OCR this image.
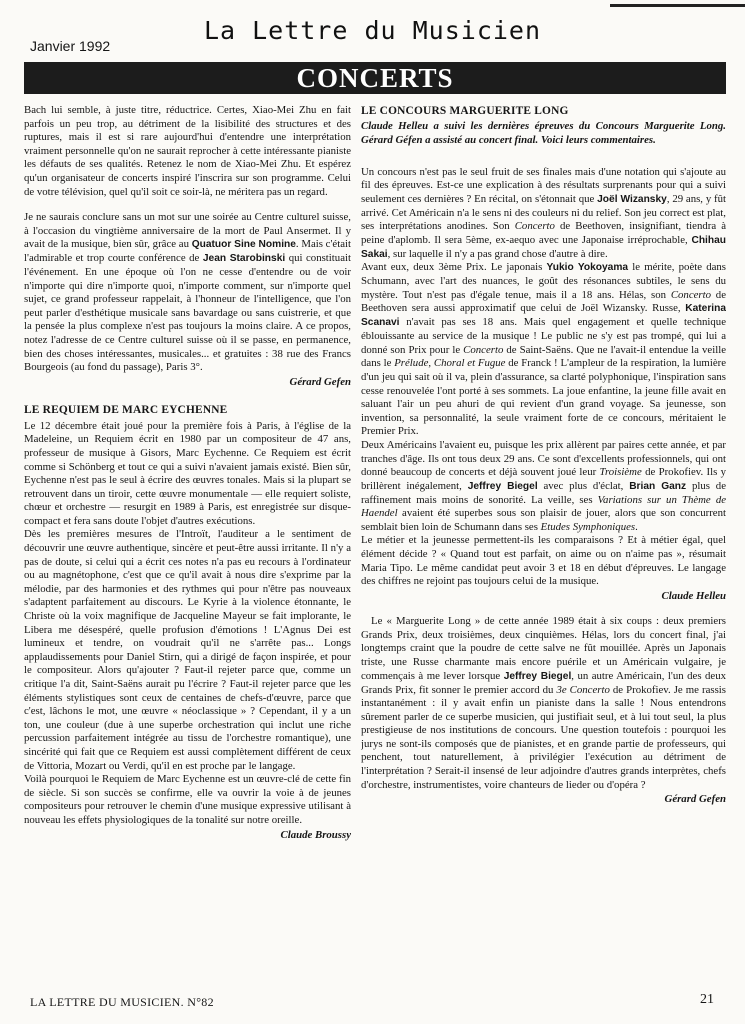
La Lettre du Musicien
Janvier 1992
CONCERTS

Bach lui semble, à juste titre, réductrice. Certes, Xiao-Mei Zhu en fait parfois un peu trop, au détriment de la lisibilité des structures et des ruptures, mais il est si rare aujourd'hui d'entendre une interprétation vraiment personnelle qu'on ne saurait reprocher à cette intéressante pianiste les défauts de ses qualités. Retenez le nom de Xiao-Mei Zhu. Et espérez qu'un organisateur de concerts inspiré l'inscrira sur son programme. Celui de votre télévision, quel qu'il soit ce soir-là, ne méritera pas un regard.

Je ne saurais conclure sans un mot sur une soirée au Centre culturel suisse, à l'occasion du vingtième anniversaire de la mort de Paul Ansermet. Il y avait de la musique, bien sûr, grâce au Quatuor Sine Nomine. Mais c'était l'admirable et trop courte conférence de Jean Starobinski qui constituait l'événement. En une époque où l'on ne cesse d'entendre ou de voir n'importe qui dire n'importe quoi, n'importe comment, sur n'importe quel sujet, ce grand professeur rappelait, à l'honneur de l'intelligence, que l'on peut parler d'esthétique musicale sans bavardage ou sans cuistrerie, et que la pensée la plus complexe n'est pas toujours la moins claire. A ce propos, notez l'adresse de ce Centre culturel suisse où il se passe, en permanence, bien des choses intéressantes, musicales... et gratuites : 38 rue des Francs Bourgeois (au fond du passage), Paris 3°.

Gérard Gefen
LE REQUIEM DE MARC EYCHENNE

Le 12 décembre était joué pour la première fois à Paris, à l'église de la Madeleine, un Requiem écrit en 1980 par un compositeur de 47 ans, professeur de musique à Gisors, Marc Eychenne. Ce Requiem est écrit comme si Schönberg et tout ce qui a suivi n'avaient jamais existé. Bien sûr, Eychenne n'est pas le seul à écrire des œuvres tonales. Mais si la plupart se retrouvent dans un tiroir, cette œuvre monumentale — elle requiert soliste, chœur et orchestre — resurgit en 1989 à Paris, est enregistrée sur disque-compact et fera sans doute l'objet d'autres exécutions.

Dès les premières mesures de l'Introït, l'auditeur a le sentiment de découvrir une œuvre authentique, sincère et peut-être aussi irritante. Il n'y a pas de doute, si celui qui a écrit ces notes n'a pas eu recours à l'ordinateur ou au magnétophone, c'est que ce qu'il avait à nous dire s'exprime par la mélodie, par des harmonies et des rythmes qui pour n'être pas nouveaux s'adaptent parfaitement au discours. Le Kyrie à la violence étonnante, le Christe où la voix magnifique de Jacqueline Mayeur se fait implorante, le Libera me désespéré, quelle profusion d'émotions ! L'Agnus Dei est lumineux et tendre, on voudrait qu'il ne s'arrête pas... Longs applaudissements pour Daniel Stirn, qui a dirigé de façon inspirée, et pour le compositeur. Alors qu'ajouter ? Faut-il rejeter parce que, comme un critique l'a dit, Saint-Saëns aurait pu l'écrire ? Faut-il rejeter parce que les éléments stylistiques sont ceux de centaines de chefs-d'œuvre, parce que c'est, lâchons le mot, une œuvre « néoclassique » ? Cependant, il y a un ton, une couleur (due à une superbe orchestration qui inclut une riche percussion parfaitement intégrée au tissu de l'orchestre romantique), une sincérité qui fait que ce Requiem est aussi complètement différent de ceux de Vittoria, Mozart ou Verdi, qu'il en est proche par le langage.

Voilà pourquoi le Requiem de Marc Eychenne est un œuvre-clé de cette fin de siècle. Si son succès se confirme, elle va ouvrir la voie à de jeunes compositeurs pour retrouver le chemin d'une musique expressive utilisant à nouveau les effets physiologiques de la tonalité sur notre oreille.

Claude Broussy
LE CONCOURS MARGUERITE LONG

Claude Helleu a suivi les dernières épreuves du Concours Marguerite Long. Gérard Géfen a assisté au concert final. Voici leurs commentaires.

Un concours n'est pas le seul fruit de ses finales mais d'une notation qui s'ajoute au fil des épreuves. Est-ce une explication à des résultats surprenants pour qui a suivi seulement ces dernières ? En récital, on s'étonnait que Joël Wizansky, 29 ans, y fût arrivé. Cet Américain n'a le sens ni des couleurs ni du relief. Son jeu correct est plat, ses interprétations anodines. Son Concerto de Beethoven, insignifiant, tiendra à peine d'aplomb. Il sera 5ème, ex-aequo avec une Japonaise irréprochable, Chihau Sakai, sur laquelle il n'y a pas grand chose d'autre à dire.

Avant eux, deux 3ème Prix. Le japonais Yukio Yokoyama le mérite, poète dans Schumann, avec l'art des nuances, le goût des résonances subtiles, le sens du mystère. Tout n'est pas d'égale tenue, mais il a 18 ans. Hélas, son Concerto de Beethoven sera aussi approximatif que celui de Joël Wizansky. Russe, Katerina Scanavi n'avait pas ses 18 ans. Mais quel engagement et quelle technique éblouissante au service de la musique ! Le public ne s'y est pas trompé, qui lui a donné son Prix pour le Concerto de Saint-Saëns. Que ne l'avait-il entendue la veille dans le Prélude, Choral et Fugue de Franck ! L'ampleur de la respiration, la lumière d'un jeu qui sait où il va, plein d'assurance, sa clarté polyphonique, l'inspiration sans cesse renouvelée l'ont porté à ses sommets. La joue enfantine, la jeune fille avait en saluant l'air un peu ahuri de qui revient d'un grand voyage. Sa jeunesse, son invention, sa personnalité, la seule vraiment forte de ce concours, méritaient le Premier Prix.

Deux Américains l'avaient eu, puisque les prix allèrent par paires cette année, et par tranches d'âge. Ils ont tous deux 29 ans. Ce sont d'excellents professionnels, qui ont donné beaucoup de concerts et déjà souvent joué leur Troisième de Prokofiev. Ils y brillèrent inégalement, Jeffrey Biegel avec plus d'éclat, Brian Ganz plus de raffinement mais moins de sonorité. La veille, ses Variations sur un Thème de Haendel avaient été superbes sous son plaisir de jouer, alors que son concurrent semblait bien loin de Schumann dans ses Etudes Symphoniques.

Le métier et la jeunesse permettent-ils les comparaisons ? Et à métier égal, quel élément décide ? « Quand tout est parfait, on aime ou on n'aime pas », résumait Maria Tipo. Le même candidat peut avoir 3 et 18 en début d'épreuves. Le langage des chiffres ne rejoint pas toujours celui de la musique.

Claude Helleu

Le « Marguerite Long » de cette année 1989 était à six coups : deux premiers Grands Prix, deux troisièmes, deux cinquièmes. Hélas, lors du concert final, j'ai longtemps craint que la poudre de cette salve ne fût mouillée. Après un Japonais triste, une Russe charmante mais encore puérile et un Américain vulgaire, je commençais à me lever lorsque Jeffrey Biegel, un autre Américain, l'un des deux Grands Prix, fit sonner le premier accord du 3e Concerto de Prokofiev. Je me rassis instantanément : il y avait enfin un pianiste dans la salle ! Nous entendrons sûrement parler de ce superbe musicien, qui justifiait seul, et à lui tout seul, la plus prestigieuse de nos institutions de concours. Une question toutefois : pourquoi les jurys ne sont-ils composés que de pianistes, et en grande partie de professeurs, qui penchent, tout naturellement, à privilégier l'exécution au détriment de l'interprétation ? Serait-il insensé de leur adjoindre d'autres grands interprètes, chefs d'orchestre, instrumentistes, voire chanteurs de lieder ou d'opéra ?

Gérard Gefen
LA LETTRE DU MUSICIEN. N°82	21
